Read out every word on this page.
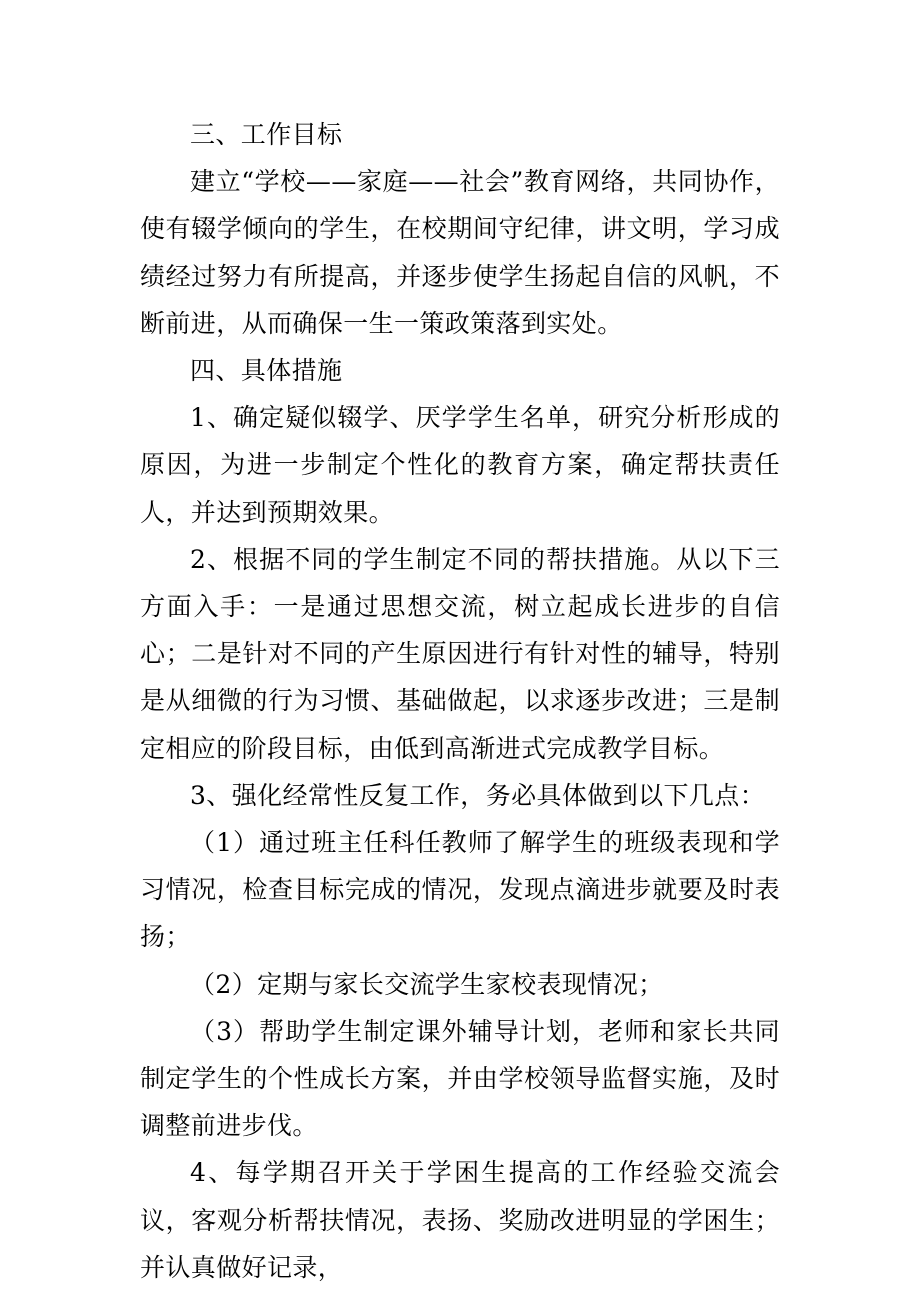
三、工作目标

建立“学校——家庭——社会”教育网络，共同协作，使有辍学倾向的学生，在校期间守纪律，讲文明，学习成绩经过努力有所提高，并逐步使学生扬起自信的风帆，不断前进，从而确保一生一策政策落到实处。

四、具体措施

1、确定疑似辍学、厌学学生名单，研究分析形成的原因，为进一步制定个性化的教育方案，确定帮扶责任人，并达到预期效果。

2、根据不同的学生制定不同的帮扶措施。从以下三方面入手：一是通过思想交流，树立起成长进步的自信心；二是针对不同的产生原因进行有针对性的辅导，特别是从细微的行为习惯、基础做起，以求逐步改进；三是制定相应的阶段目标，由低到高渐进式完成教学目标。

3、强化经常性反复工作，务必具体做到以下几点：

（1）通过班主任科任教师了解学生的班级表现和学习情况，检查目标完成的情况，发现点滴进步就要及时表扬；

（2）定期与家长交流学生家校表现情况；

（3）帮助学生制定课外辅导计划，老师和家长共同制定学生的个性成长方案，并由学校领导监督实施，及时调整前进步伐。

4、每学期召开关于学困生提高的工作经验交流会议，客观分析帮扶情况，表扬、奖励改进明显的学困生；并认真做好记录，
